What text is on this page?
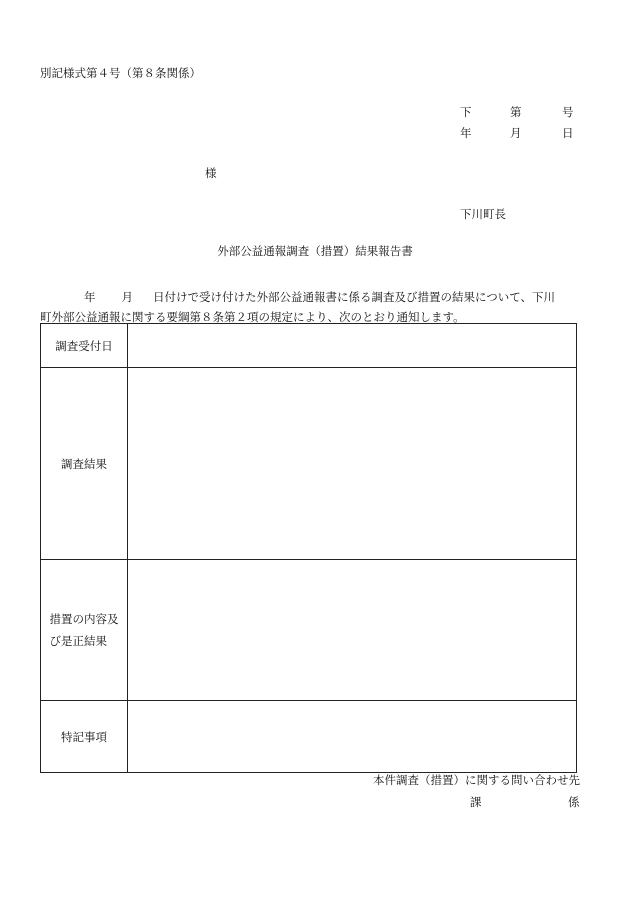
別記様式第４号（第８条関係）
下	第	号
年	月	日
様
下川町長
外部公益通報調査（措置）結果報告書
年 月 日付けで受け付けた外部公益通報書に係る調査及び措置の結果について、下川
町外部公益通報に関する要綱第８条第２項の規定により、次のとおり通知します。
調査受付日	
調査結果	
措置の内容及
び是正結果	
特記事項	
本件調査（措置）に関する問い合わせ先
課	係
